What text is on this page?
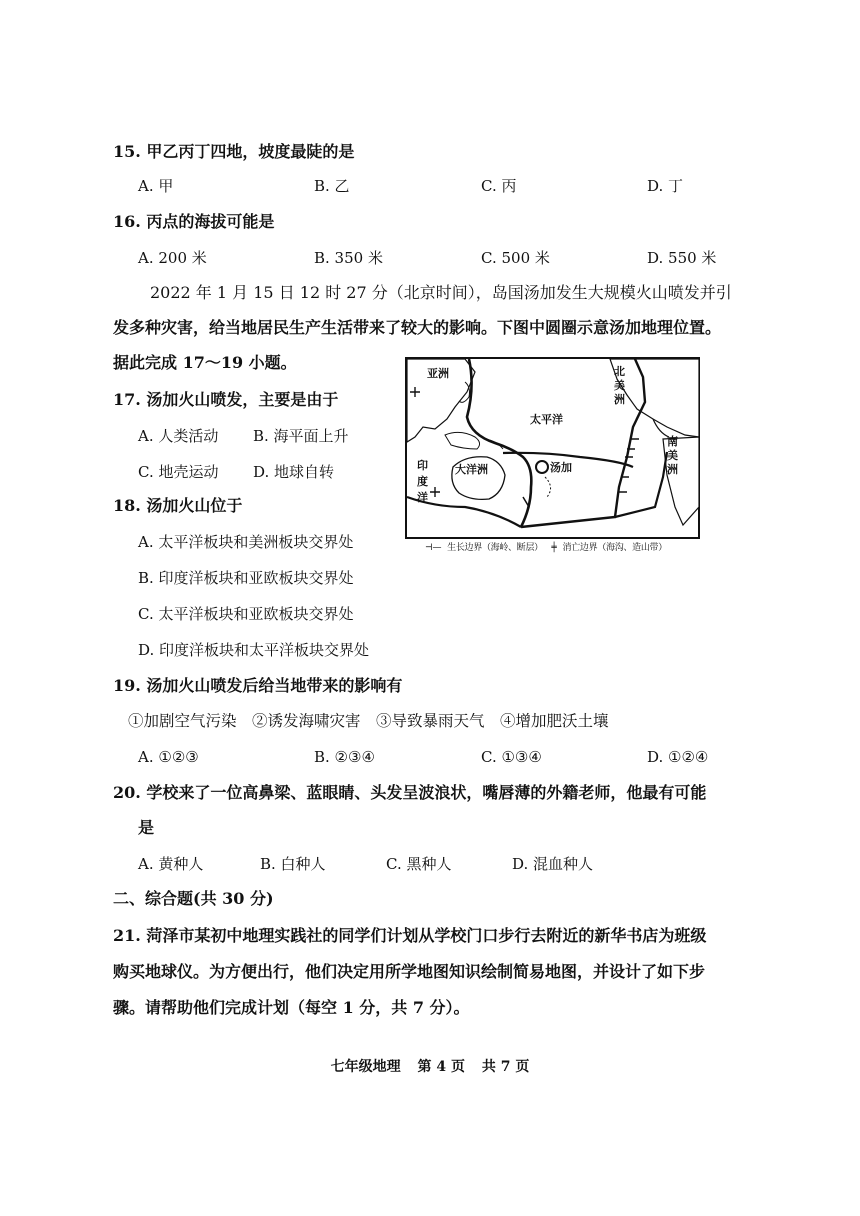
15. 甲乙丙丁四地，坡度最陡的是
A. 甲	B. 乙	C. 丙	D. 丁
16. 丙点的海拔可能是
A. 200 米	B. 350 米	C. 500 米	D. 550 米
2022 年 1 月 15 日 12 时 27 分（北京时间），岛国汤加发生大规模火山喷发并引
发多种灾害，给当地居民生产生活带来了较大的影响。下图中圆圈示意汤加地理位置。
据此完成 17～19 小题。
17. 汤加火山喷发，主要是由于
A. 人类活动 B. 海平面上升
C. 地壳运动 D. 地球自转
18. 汤加火山位于
A. 太平洋板块和美洲板块交界处
B. 印度洋板块和亚欧板块交界处
C. 太平洋板块和亚欧板块交界处
D. 印度洋板块和太平洋板块交界处
亚洲
太平洋
北
美
洲
南
美
洲
大洋洲	汤加
印
度
洋
⊣— 生长边界（海岭、断层） ╪ 消亡边界（海沟、造山带）
19. 汤加火山喷发后给当地带来的影响有
①加剧空气污染　②诱发海啸灾害　③导致暴雨天气　④增加肥沃土壤
A. ①②③	B. ②③④	C. ①③④	D. ①②④
20. 学校来了一位高鼻梁、蓝眼睛、头发呈波浪状，嘴唇薄的外籍老师，他最有可能
是
A. 黄种人	B. 白种人	C. 黑种人	D. 混血种人
二、综合题(共 30 分)
21. 菏泽市某初中地理实践社的同学们计划从学校门口步行去附近的新华书店为班级
购买地球仪。为方便出行，他们决定用所学地图知识绘制简易地图，并设计了如下步
骤。请帮助他们完成计划（每空 1 分，共 7 分）。
七年级地理 第 4 页 共 7 页
